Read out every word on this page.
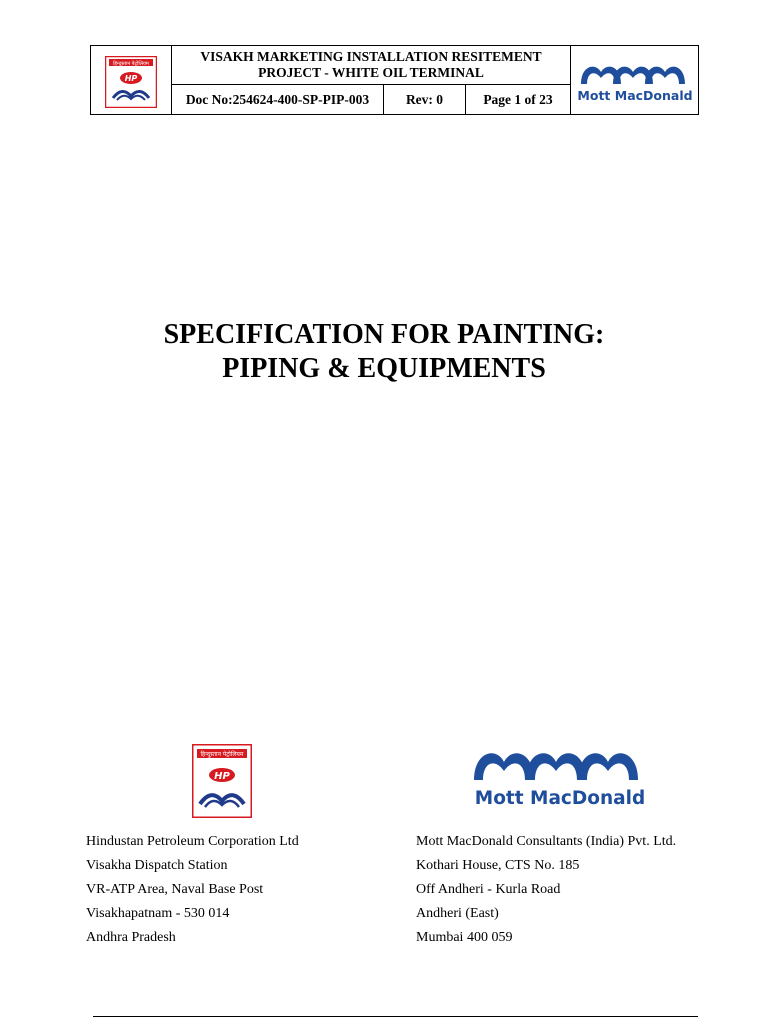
हिन्दुस्तान पेट्रोलियम
HP
VISAKH MARKETING INSTALLATION RESITEMENT
PROJECT - WHITE OIL TERMINAL
Doc No:254624-400-SP-PIP-003	Rev: 0	Page 1 of 23	Mott MacDonald
SPECIFICATION FOR PAINTING:
PIPING & EQUIPMENTS
हिन्दुस्तान पेट्रोलियम
HP
Mott MacDonald
Hindustan Petroleum Corporation Ltd
Visakha Dispatch Station
VR-ATP Area, Naval Base Post
Visakhapatnam - 530 014
Andhra Pradesh
Mott MacDonald Consultants (India) Pvt. Ltd.
Kothari House, CTS No. 185
Off Andheri - Kurla Road
Andheri (East)
Mumbai 400 059
